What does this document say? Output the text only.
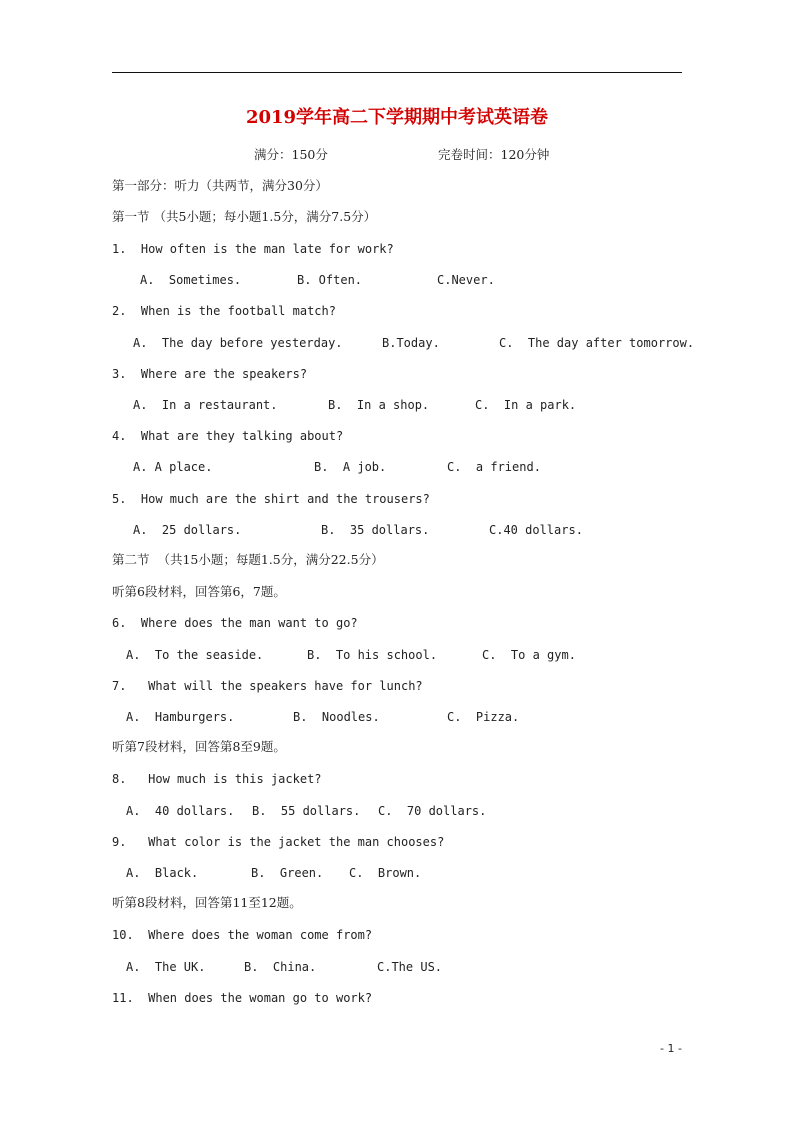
2019学年高二下学期期中考试英语卷
满分：150分	完卷时间：120分钟
第一部分：听力（共两节，满分30分）
第一节 （共5小题；每小题1.5分，满分7.5分）
1.  How often is the man late for work?
A.  Sometimes.	B. Often.	C.Never.
2.  When is the football match?
A.  The day before yesterday.	B.Today.	C.  The day after tomorrow.
3.  Where are the speakers?
A.  In a restaurant.	B.  In a shop.	C.  In a park.
4.  What are they talking about?
A. A place.	B.  A job.	C.  a friend.
5.  How much are the shirt and the trousers?
A.  25 dollars.	B.  35 dollars.	C.40 dollars.
第二节  （共15小题；每题1.5分，满分22.5分）
听第6段材料，回答第6，7题。
6.  Where does the man want to go?
A.  To the seaside.	B.  To his school.	C.  To a gym.
7.   What will the speakers have for lunch?
A.  Hamburgers.	B.  Noodles.	C.  Pizza.
听第7段材料，回答第8至9题。
8.   How much is this jacket?
A.  40 dollars. B.  55 dollars. C.  70 dollars.
9.   What color is the jacket the man chooses?
A.  Black.	B.  Green. C.  Brown.
听第8段材料，回答第11至12题。
10.  Where does the woman come from?
A.  The UK.	B.  China.	C.The US.
11.  When does the woman go to work?
- 1 -
